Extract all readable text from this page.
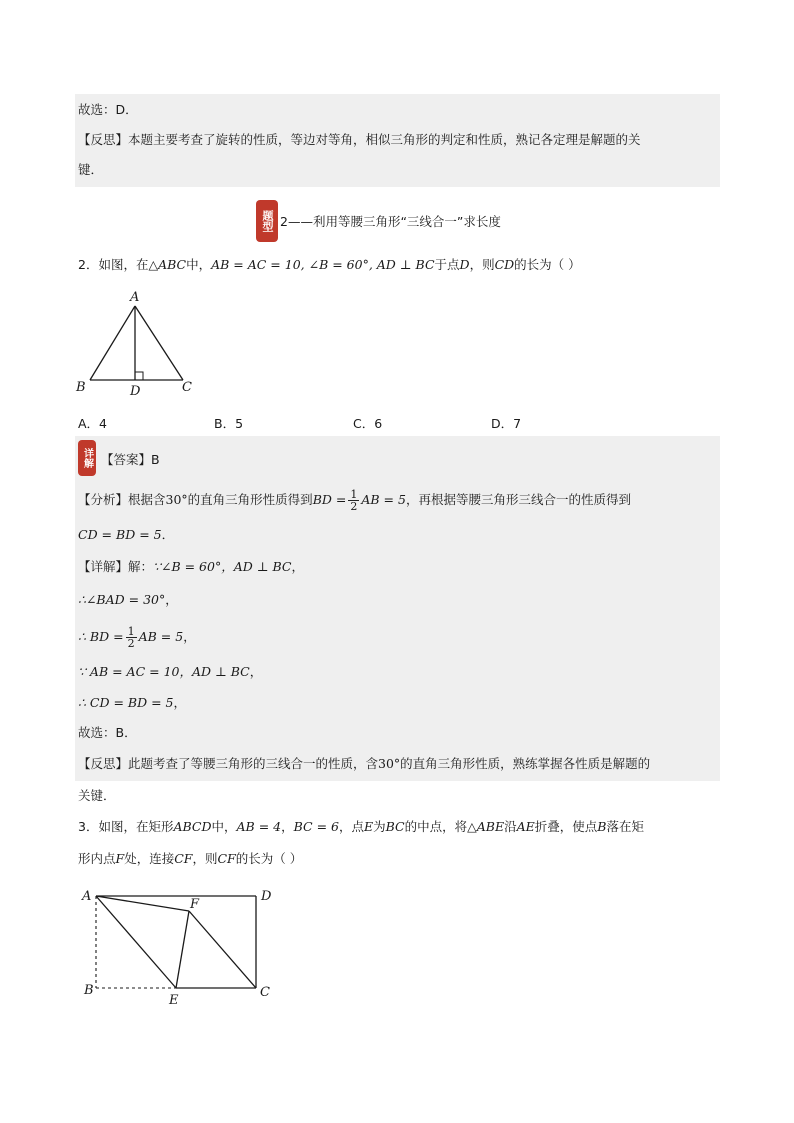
故选：D．
【反思】本题主要考查了旋转的性质，等边对等角，相似三角形的判定和性质，熟记各定理是解题的关
键．
题型 2——利用等腰三角形“三线合一”求长度
2．如图，在△ABC中，AB = AC = 10, ∠B = 60°, AD ⊥ BC于点D，则CD的长为（ ）
A
B	D	C
A．4	B．5	C．6	D．7
详解 【答案】B
【分析】根据含30°的直角三角形性质得到BD = $\frac{1}{2}$ AB = 5，再根据等腰三角形三线合一的性质得到
CD = BD = 5．
【详解】解：∵∠B = 60°，AD ⊥ BC，
∴∠BAD = 30°，
∴ BD = $\frac{1}{2}$ AB = 5，
∵ AB = AC = 10，AD ⊥ BC，
∴ CD = BD = 5，
故选：B．
【反思】此题考查了等腰三角形的三线合一的性质，含30°的直角三角形性质，熟练掌握各性质是解题的
关键．
3．如图，在矩形ABCD中，AB = 4，BC = 6，点E为BC的中点，将△ABE沿AE折叠，使点B落在矩
形内点F处，连接CF，则CF的长为（ ）
A	D
F
B
E
C
